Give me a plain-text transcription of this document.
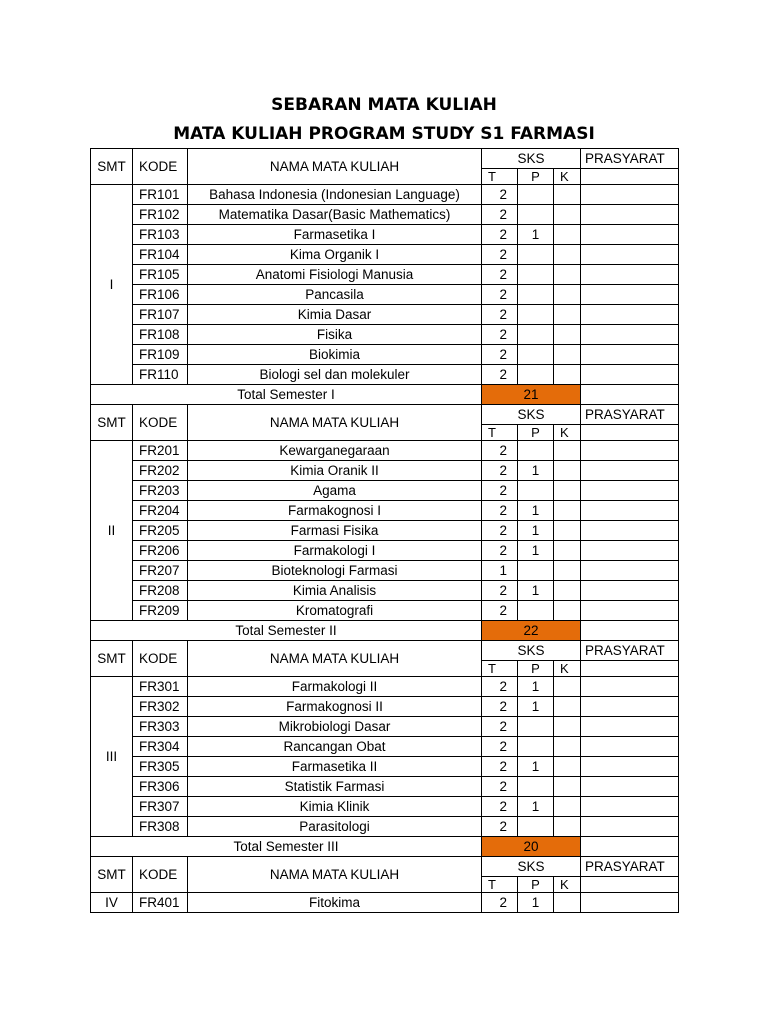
SEBARAN MATA KULIAH
MATA KULIAH PROGRAM STUDY S1 FARMASI
SMT	KODE	NAMA MATA KULIAH	SKS			PRASYARAT
			T	P	K	
I	FR101	Bahasa Indonesia (Indonesian Language)	2			
	FR102	Matematika Dasar(Basic Mathematics)	2			
	FR103	Farmasetika I	2	1		
	FR104	Kima Organik I	2			
	FR105	Anatomi Fisiologi Manusia	2			
	FR106	Pancasila	2			
	FR107	Kimia Dasar	2			
	FR108	Fisika	2			
	FR109	Biokimia	2			
	FR110	Biologi sel dan molekuler	2			
Total Semester I			21			
SMT	KODE	NAMA MATA KULIAH	SKS			PRASYARAT
			T	P	K	
II	FR201	Kewarganegaraan	2			
	FR202	Kimia Oranik II	2	1		
	FR203	Agama	2			
	FR204	Farmakognosi I	2	1		
	FR205	Farmasi Fisika	2	1		
	FR206	Farmakologi I	2	1		
	FR207	Bioteknologi Farmasi	1			
	FR208	Kimia Analisis	2	1		
	FR209	Kromatografi	2			
Total Semester II			22			
SMT	KODE	NAMA MATA KULIAH	SKS			PRASYARAT
			T	P	K	
III	FR301	Farmakologi II	2	1		
	FR302	Farmakognosi II	2	1		
	FR303	Mikrobiologi Dasar	2			
	FR304	Rancangan Obat	2			
	FR305	Farmasetika II	2	1		
	FR306	Statistik Farmasi	2			
	FR307	Kimia Klinik	2	1		
	FR308	Parasitologi	2			
Total Semester III			20			
SMT	KODE	NAMA MATA KULIAH	SKS			PRASYARAT
			T	P	K	
IV	FR401	Fitokima	2	1		
